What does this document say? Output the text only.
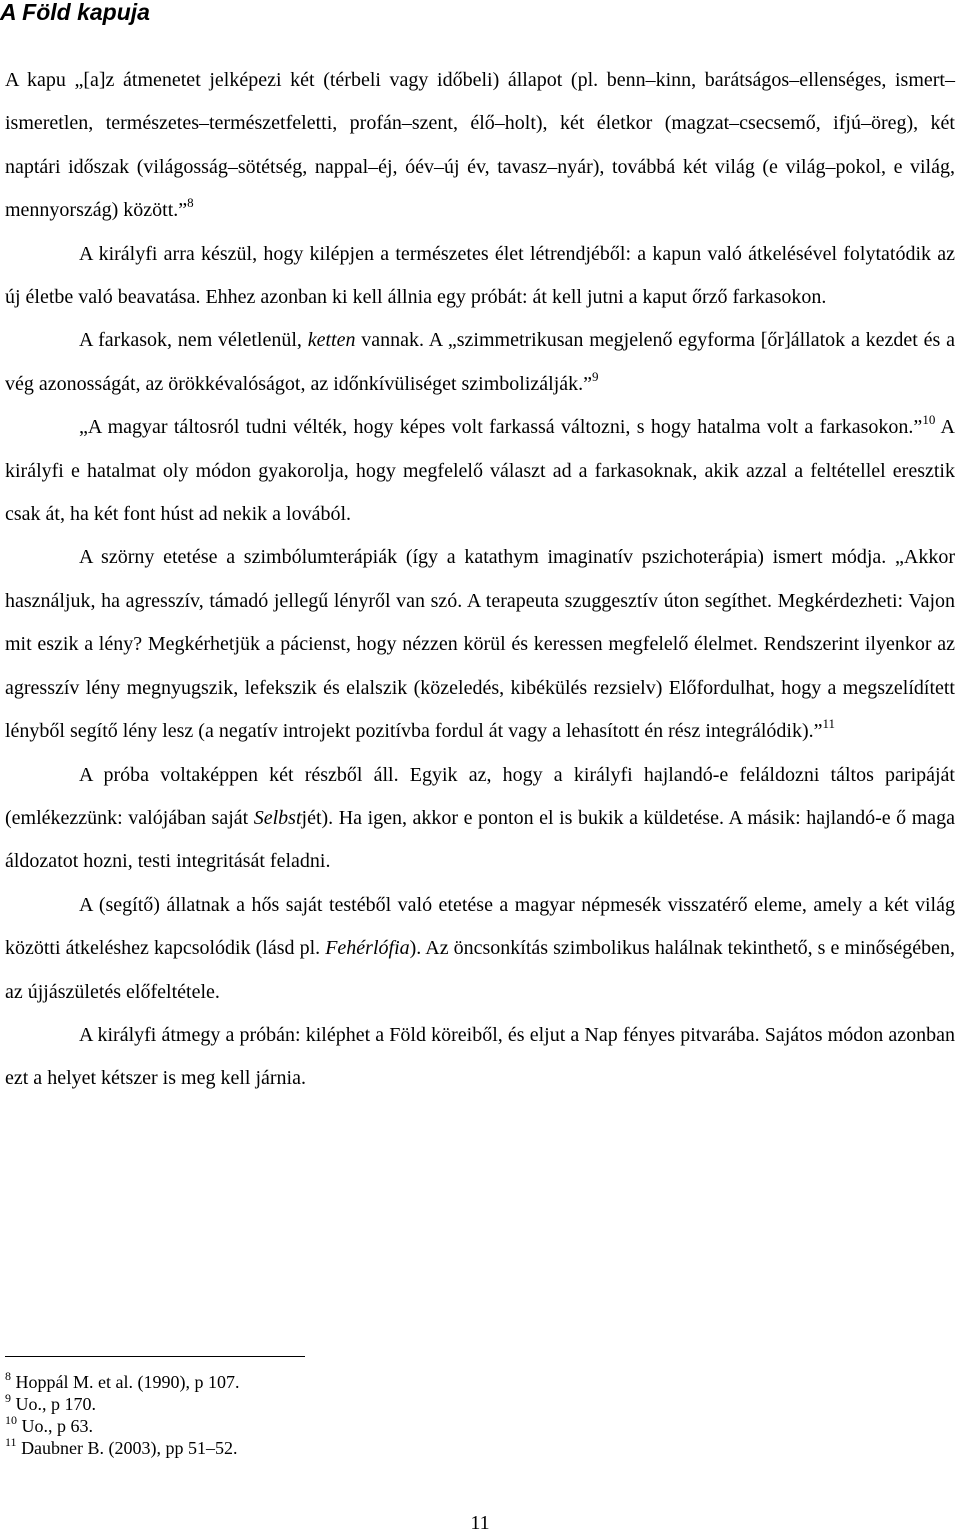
A Föld kapuja

A kapu „[a]z átmenetet jelképezi két (térbeli vagy időbeli) állapot (pl. benn–kinn, barátságos–ellenséges, ismert–ismeretlen, természetes–természetfeletti, profán–szent, élő–holt), két életkor (magzat–csecsemő, ifjú–öreg), két naptári időszak (világosság–sötétség, nappal–éj, óév–új év, tavasz–nyár), továbbá két világ (e világ–pokol, e világ, mennyország) között.”$^8$

A királyfi arra készül, hogy kilépjen a természetes élet létrendjéből: a kapun való átkelésével folytatódik az új életbe való beavatása. Ehhez azonban ki kell állnia egy próbát: át kell jutni a kaput őrző farkasokon.

A farkasok, nem véletlenül, ketten vannak. A „szimmetrikusan megjelenő egyforma [őr]állatok a kezdet és a vég azonosságát, az örökkévalóságot, az időnkívüliséget szimbolizálják.”$^9$

„A magyar táltosról tudni vélték, hogy képes volt farkassá változni, s hogy hatalma volt a farkasokon.”$^{10}$ A királyfi e hatalmat oly módon gyakorolja, hogy megfelelő választ ad a farkasoknak, akik azzal a feltétellel eresztik csak át, ha két font húst ad nekik a lovából.

A szörny etetése a szimbólumterápiák (így a katathym imaginatív pszichoterápia) ismert módja. „Akkor használjuk, ha agresszív, támadó jellegű lényről van szó. A terapeuta szuggesztív úton segíthet. Megkérdezheti: Vajon mit eszik a lény? Megkérhetjük a pácienst, hogy nézzen körül és keressen megfelelő élelmet. Rendszerint ilyenkor az agresszív lény megnyugszik, lefekszik és elalszik (közeledés, kibékülés rezsielv) Előfordulhat, hogy a megszelídített lényből segítő lény lesz (a negatív introjekt pozitívba fordul át vagy a lehasított én rész integrálódik).”$^{11}$

A próba voltaképpen két részből áll. Egyik az, hogy a királyfi hajlandó-e feláldozni táltos paripáját (emlékezzünk: valójában saját Selbstjét). Ha igen, akkor e ponton el is bukik a küldetése. A másik: hajlandó-e ő maga áldozatot hozni, testi integritását feladni.

A (segítő) állatnak a hős saját testéből való etetése a magyar népmesék visszatérő eleme, amely a két világ közötti átkeléshez kapcsolódik (lásd pl. Fehérlófia). Az öncsonkítás szimbolikus halálnak tekinthető, s e minőségében, az újjászületés előfeltétele.

A királyfi átmegy a próbán: kiléphet a Föld köreiből, és eljut a Nap fényes pitvarába. Sajátos módon azonban ezt a helyet kétszer is meg kell járnia.

$^8$ Hoppál M. et al. (1990), p 107.

$^9$ Uo., p 170.

$^{10}$ Uo., p 63.

$^{11}$ Daubner B. (2003), pp 51–52.

11
